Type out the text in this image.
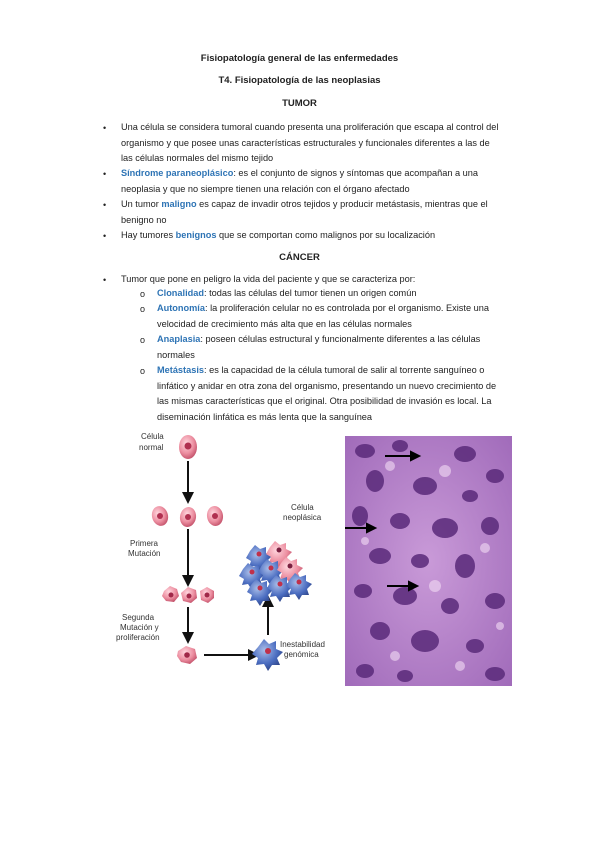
Fisiopatología general de las enfermedades
T4. Fisiopatología de las neoplasias
TUMOR
• Una célula se considera tumoral cuando presenta una proliferación que escapa al control del
organismo y que posee unas características estructurales y funcionales diferentes a las de
las células normales del mismo tejido
• Síndrome paraneoplásico: es el conjunto de signos y síntomas que acompañan a una
neoplasia y que no siempre tienen una relación con el órgano afectado
• Un tumor maligno es capaz de invadir otros tejidos y producir metástasis, mientras que el
benigno no
• Hay tumores benignos que se comportan como malignos por su localización
CÁNCER
• Tumor que pone en peligro la vida del paciente y que se caracteriza por:
o Clonalidad: todas las células del tumor tienen un origen común
o Autonomía: la proliferación celular no es controlada por el organismo. Existe una
velocidad de crecimiento más alta que en las células normales
o Anaplasia: poseen células estructural y funcionalmente diferentes a las células
normales
o Metástasis: es la capacidad de la célula tumoral de salir al torrente sanguíneo o
linfático y anidar en otra zona del organismo, presentando un nuevo crecimiento de
las mismas características que el original. Otra posibilidad de invasión es local. La
diseminación linfática es más lenta que la sanguínea
Célula
normal
Primera
Mutación
Segunda
Mutación y
proliferación
Célula
neoplásica
Inestabilidad
genómica
